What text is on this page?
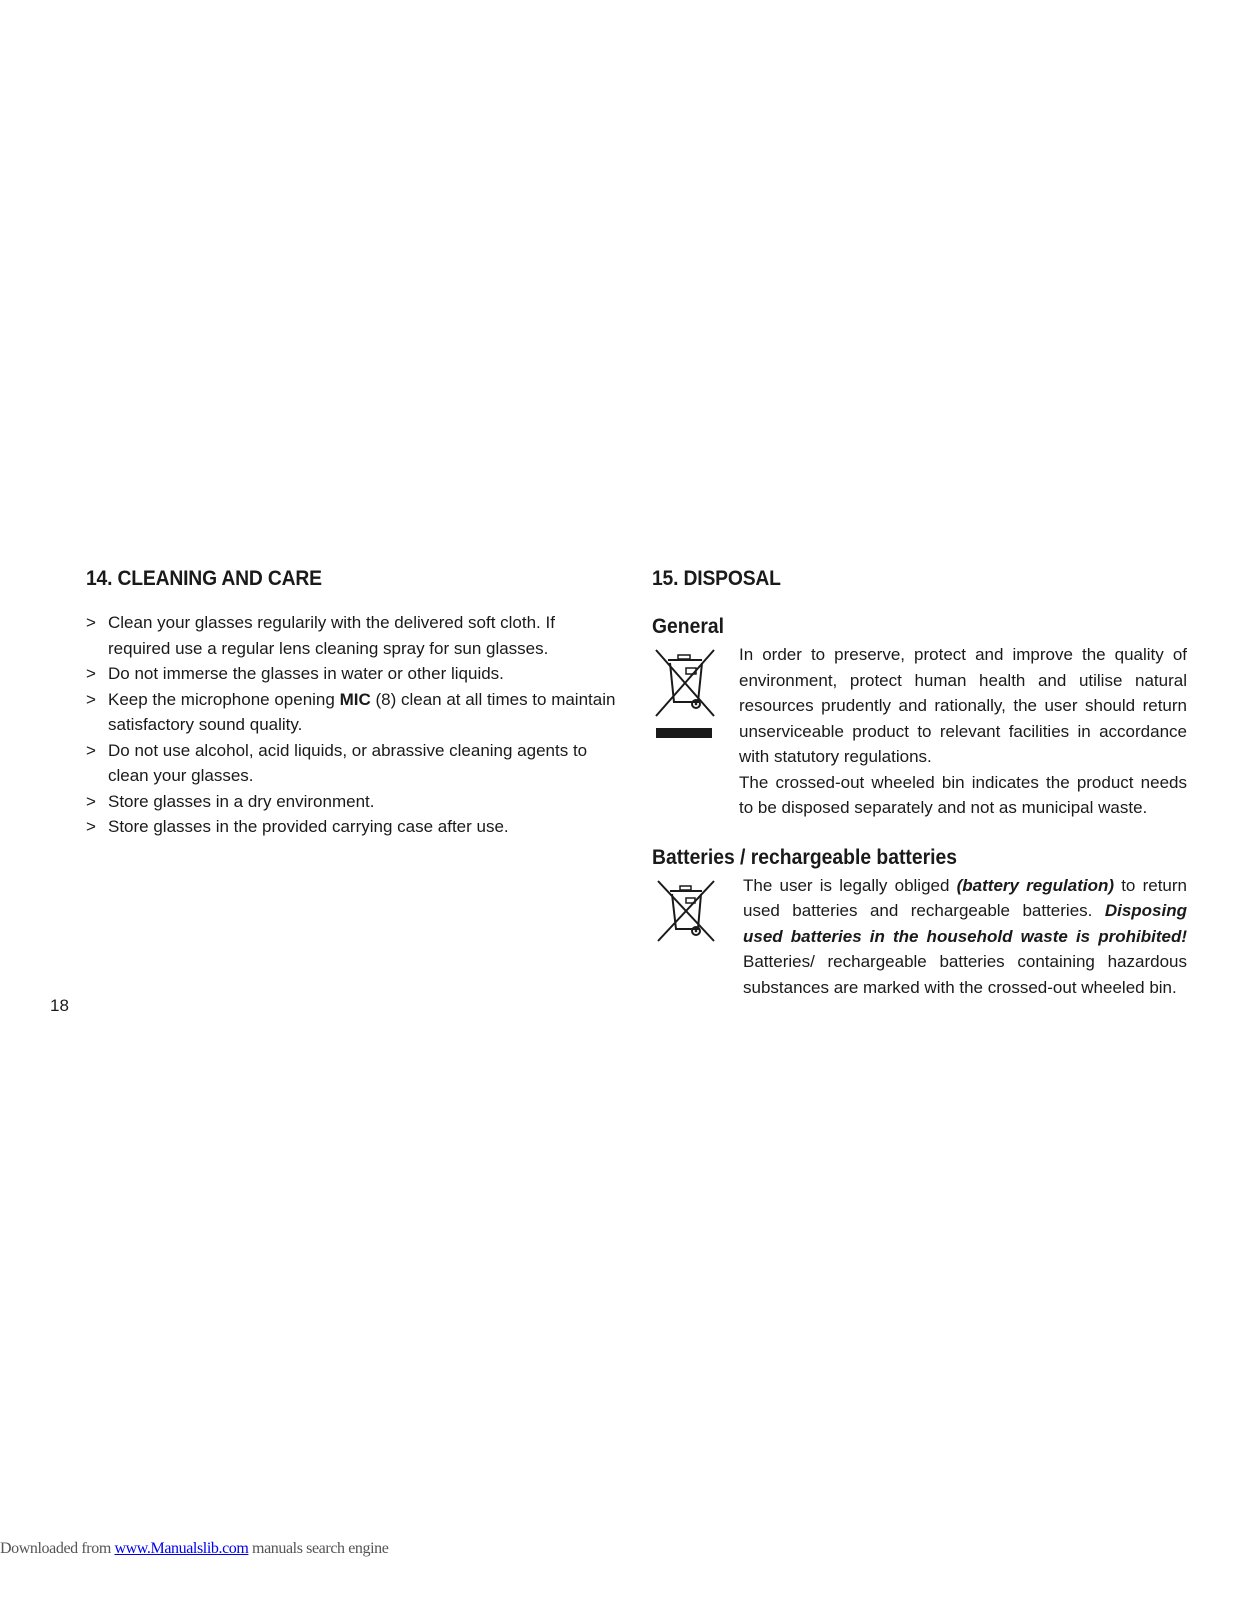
14. CLEANING AND CARE
> Clean your glasses regularily with the delivered soft cloth. If required use a regular lens cleaning spray for sun glasses.
> Do not immerse the glasses in water or other liquids.
> Keep the microphone opening MIC (8) clean at all times to maintain satisfactory sound quality.
> Do not use alcohol, acid liquids, or abrassive cleaning agents to clean your glasses.
> Store glasses in a dry environment.
> Store glasses in the provided carrying case after use.
15. DISPOSAL
General
In order to preserve, protect and improve the quality of environment, protect human health and utilise natural resources prudently and rationally, the user should return unserviceable product to relevant facilities in accordance with statutory regulations.
The crossed-out wheeled bin indicates the product needs to be disposed separately and not as municipal waste.
Batteries / rechargeable batteries
The user is legally obliged (battery regulation) to return used batteries and rechargeable batteries. Disposing used batteries in the household waste is prohibited! Batteries/ rechargeable batteries containing hazardous substances are marked with the crossed-out wheeled bin.
18
Downloaded from www.Manualslib.com manuals search engine
